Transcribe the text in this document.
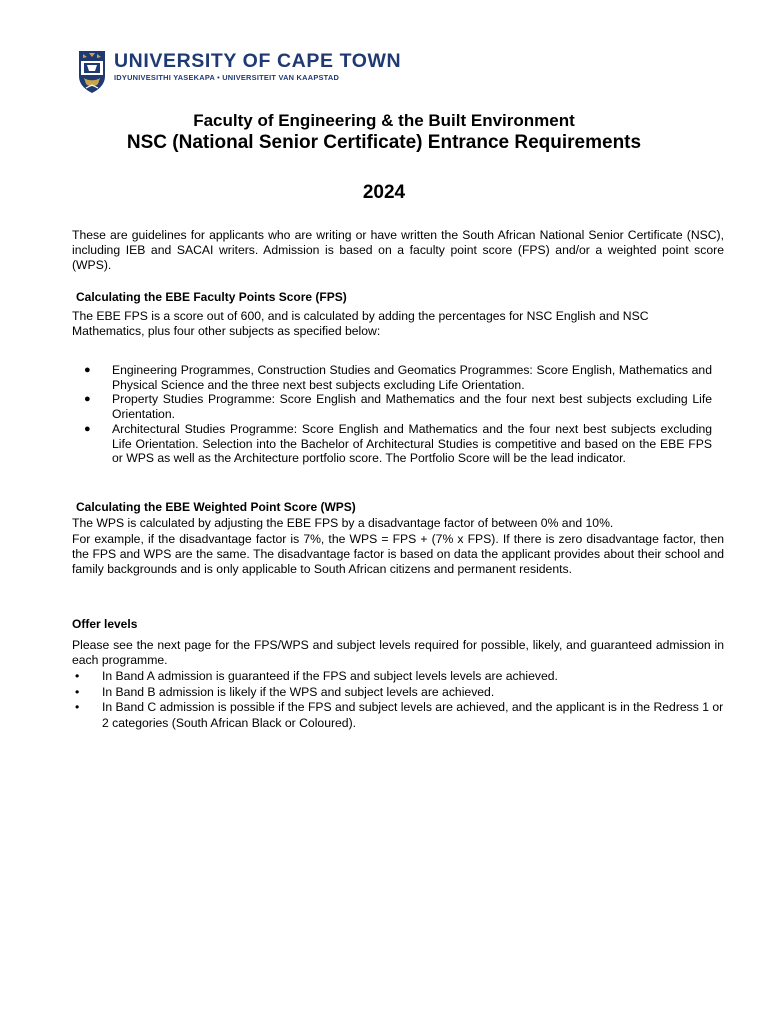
UNIVERSITY OF CAPE TOWN
IDYUNIVESITHI YASEKAPA • UNIVERSITEIT VAN KAAPSTAD
Faculty of Engineering & the Built Environment
NSC (National Senior Certificate) Entrance Requirements
2024
These are guidelines for applicants who are writing or have written the South African National Senior Certificate (NSC), including IEB and SACAI writers. Admission is based on a faculty point score (FPS) and/or a weighted point score (WPS).
Calculating the EBE Faculty Points Score (FPS)
The EBE FPS is a score out of 600, and is calculated by adding the percentages for NSC English and NSC Mathematics, plus four other subjects as specified below:
● Engineering Programmes, Construction Studies and Geomatics Programmes: Score English, Mathematics and Physical Science and the three next best subjects excluding Life Orientation.
● Property Studies Programme: Score English and Mathematics and the four next best subjects excluding Life Orientation.
● Architectural Studies Programme: Score English and Mathematics and the four next best subjects excluding Life Orientation. Selection into the Bachelor of Architectural Studies is competitive and based on the EBE FPS or WPS as well as the Architecture portfolio score. The Portfolio Score will be the lead indicator.
Calculating the EBE Weighted Point Score (WPS)
The WPS is calculated by adjusting the EBE FPS by a disadvantage factor of between 0% and 10%.
For example, if the disadvantage factor is 7%, the WPS = FPS + (7% x FPS). If there is zero disadvantage factor, then the FPS and WPS are the same. The disadvantage factor is based on data the applicant provides about their school and family backgrounds and is only applicable to South African citizens and permanent residents.
Offer levels
Please see the next page for the FPS/WPS and subject levels required for possible, likely, and guaranteed admission in each programme.
• In Band A admission is guaranteed if the FPS and subject levels levels are achieved.
• In Band B admission is likely if the WPS and subject levels are achieved.
• In Band C admission is possible if the FPS and subject levels are achieved, and the applicant is in the Redress 1 or 2 categories (South African Black or Coloured).
